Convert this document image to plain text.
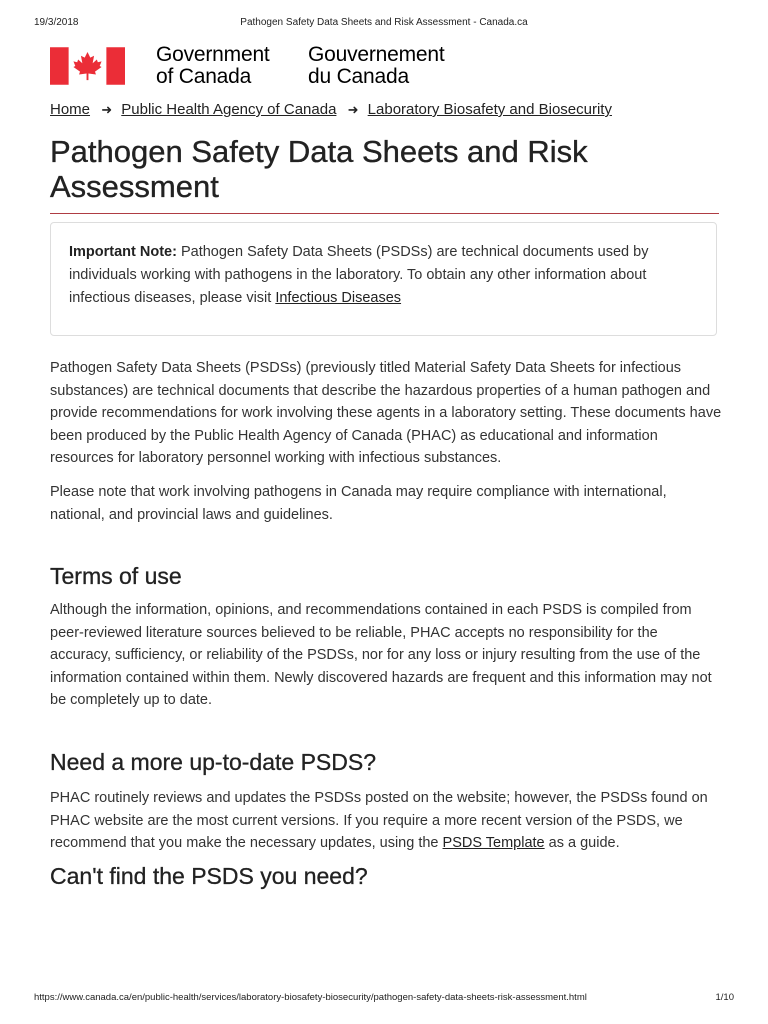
19/3/2018	Pathogen Safety Data Sheets and Risk Assessment - Canada.ca
Government
of Canada
Gouvernement
du Canada
Home ➜ Public Health Agency of Canada ➜ Laboratory Biosafety and Biosecurity
Pathogen Safety Data Sheets and Risk Assessment
Important Note: Pathogen Safety Data Sheets (PSDSs) are technical documents used by individuals working with pathogens in the laboratory. To obtain any other information about infectious diseases, please visit Infectious Diseases

Pathogen Safety Data Sheets (PSDSs) (previously titled Material Safety Data Sheets for infectious substances) are technical documents that describe the hazardous properties of a human pathogen and provide recommendations for work involving these agents in a laboratory setting. These documents have been produced by the Public Health Agency of Canada (PHAC) as educational and information resources for laboratory personnel working with infectious substances.

Please note that work involving pathogens in Canada may require compliance with international, national, and provincial laws and guidelines.

Terms of use

Although the information, opinions, and recommendations contained in each PSDS is compiled from peer-reviewed literature sources believed to be reliable, PHAC accepts no responsibility for the accuracy, sufficiency, or reliability of the PSDSs, nor for any loss or injury resulting from the use of the information contained within them. Newly discovered hazards are frequent and this information may not be completely up to date.

Need a more up-to-date PSDS?

PHAC routinely reviews and updates the PSDSs posted on the website; however, the PSDSs found on PHAC website are the most current versions. If you require a more recent version of the PSDS, we recommend that you make the necessary updates, using the PSDS Template as a guide.

Can't find the PSDS you need?
https://www.canada.ca/en/public-health/services/laboratory-biosafety-biosecurity/pathogen-safety-data-sheets-risk-assessment.html	1/10
